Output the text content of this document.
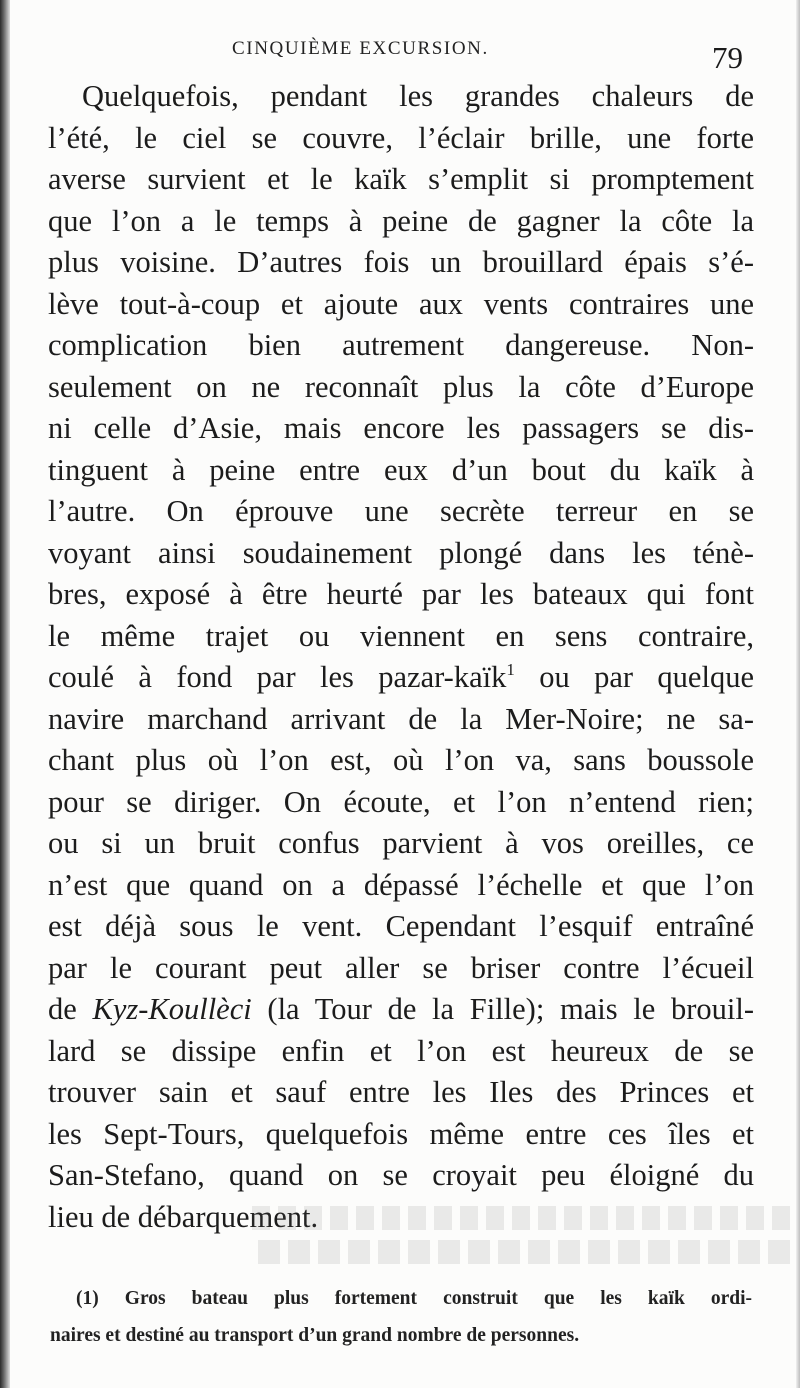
CINQUIÈME EXCURSION.	79
Quelquefois, pendant les grandes chaleurs de
l’été, le ciel se couvre, l’éclair brille, une forte
averse survient et le kaïk s’emplit si promptement
que l’on a le temps à peine de gagner la côte la
plus voisine. D’autres fois un brouillard épais s’é-
lève tout-à-coup et ajoute aux vents contraires une
complication bien autrement dangereuse. Non-
seulement on ne reconnaît plus la côte d’Europe
ni celle d’Asie, mais encore les passagers se dis-
tinguent à peine entre eux d’un bout du kaïk à
l’autre. On éprouve une secrète terreur en se
voyant ainsi soudainement plongé dans les ténè-
bres, exposé à être heurté par les bateaux qui font
le même trajet ou viennent en sens contraire,
coulé à fond par les pazar-kaïk$^1$ ou par quelque
navire marchand arrivant de la Mer-Noire; ne sa-
chant plus où l’on est, où l’on va, sans boussole
pour se diriger. On écoute, et l’on n’entend rien;
ou si un bruit confus parvient à vos oreilles, ce
n’est que quand on a dépassé l’échelle et que l’on
est déjà sous le vent. Cependant l’esquif entraîné
par le courant peut aller se briser contre l’écueil
de Kyz-Koullèci (la Tour de la Fille); mais le brouil-
lard se dissipe enfin et l’on est heureux de se
trouver sain et sauf entre les Iles des Princes et
les Sept-Tours, quelquefois même entre ces îles et
San-Stefano, quand on se croyait peu éloigné du
lieu de débarquement.
(1) Gros bateau plus fortement construit que les kaïk ordi-
naires et destiné au transport d’un grand nombre de personnes.
